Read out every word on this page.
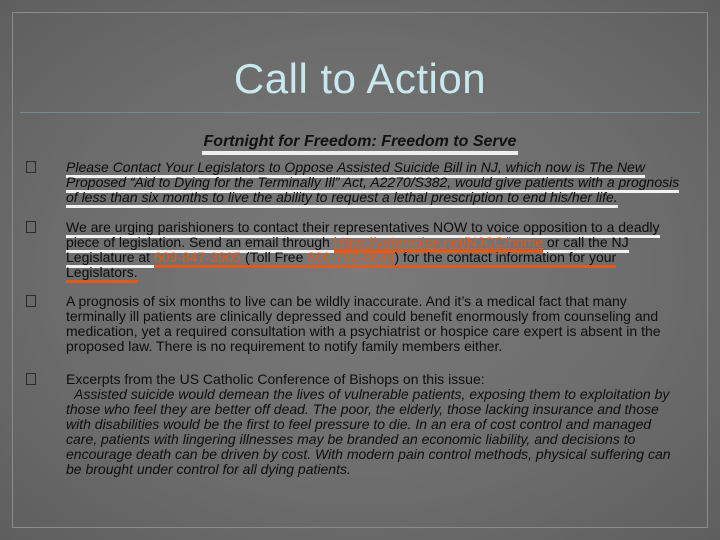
Call to Action
Fortnight for Freedom: Freedom to Serve
Please Contact Your Legislators to Oppose Assisted Suicide Bill in NJ, which now is The New Proposed “Aid to Dying for the Terminally Ill” Act, A2270/S382, would give patients with a prognosis of less than six months to live the ability to request a lethal prescription to end his/her life.
We are urging parishioners to contact their representatives NOW to voice opposition to a deadly piece of legislation. Send an email through https://votervoice.net/NJCC/home or call the NJ Legislature at 609-847-3905 (Toll Free 800-792-8630) for the contact information for your Legislators.
A prognosis of six months to live can be wildly inaccurate. And it’s a medical fact that many terminally ill patients are clinically depressed and could benefit enormously from counseling and medication, yet a required consultation with a psychiatrist or hospice care expert is absent in the proposed law. There is no requirement to notify family members either.
Excerpts from the US Catholic Conference of Bishops on this issue:
Assisted suicide would demean the lives of vulnerable patients, exposing them to exploitation by those who feel they are better off dead. The poor, the elderly, those lacking insurance and those with disabilities would be the first to feel pressure to die. In an era of cost control and managed care, patients with lingering illnesses may be branded an economic liability, and decisions to encourage death can be driven by cost. With modern pain control methods, physical suffering can be brought under control for all dying patients.
